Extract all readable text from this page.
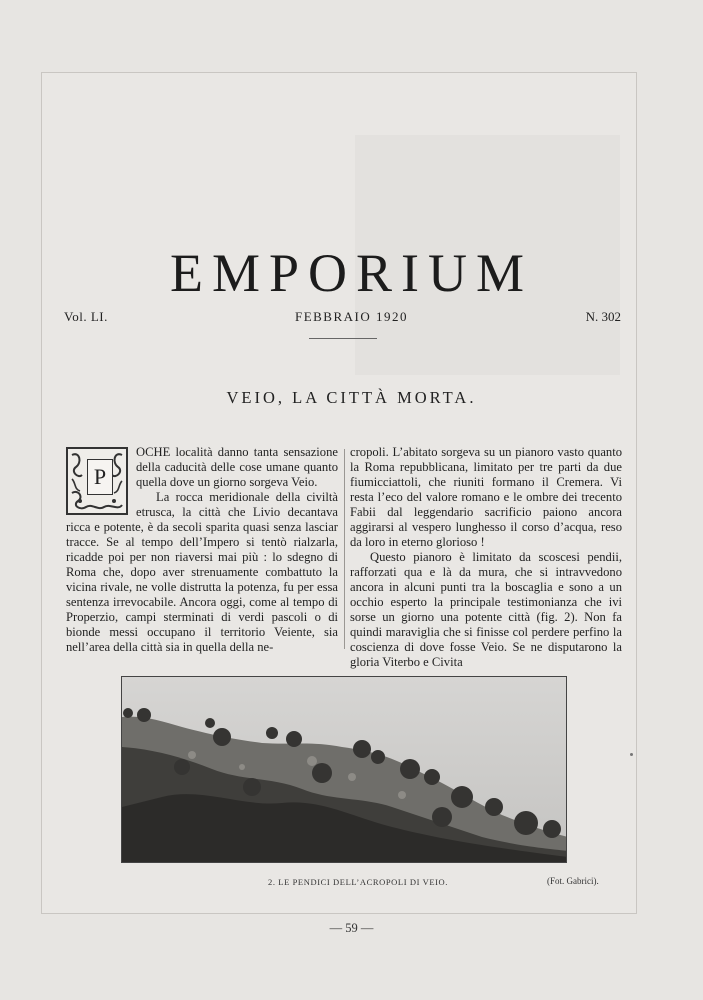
EMPORIUM
Vol. LI.	FEBBRAIO 1920	N. 302
VEIO, LA CITTÀ MORTA.
P

OCHE località danno tanta sensazione della caducità delle cose umane quanto quella dove un giorno sorgeva Veio.

La rocca meridionale della civiltà etrusca, la città che Livio decantava ricca e potente, è da secoli sparita quasi senza lasciar tracce. Se al tempo dell’Impero si tentò rialzarla, ricadde poi per non riaversi mai più : lo sdegno di Roma che, dopo aver strenuamente combattuto la vicina rivale, ne volle distrutta la potenza, fu per essa sentenza irrevocabile. Ancora oggi, come al tempo di Properzio, campi sterminati di verdi pascoli o di bionde messi occupano il territorio Veiente, sia nell’area della città sia in quella della ne-

cropoli. L’abitato sorgeva su un pianoro vasto quanto la Roma repubblicana, limitato per tre parti da due fiumicciattoli, che riuniti formano il Cremera. Vi resta l’eco del valore romano e le ombre dei trecento Fabii dal leggendario sacrificio paiono ancora aggirarsi al vespero lunghesso il corso d’acqua, reso da loro in eterno glorioso !

Questo pianoro è limitato da scoscesi pendii, rafforzati qua e là da mura, che si intravvedono ancora in alcuni punti tra la boscaglia e sono a un occhio esperto la principale testimonianza che ivi sorse un giorno una potente città (fig. 2). Non fa quindi maraviglia che si finisse col perdere perfino la coscienza di dove fosse Veio. Se ne disputarono la gloria Viterbo e Civita

2. LE PENDICI DELL’ACROPOLI DI VEIO.	(Fot. Gabrici).
— 59 —
